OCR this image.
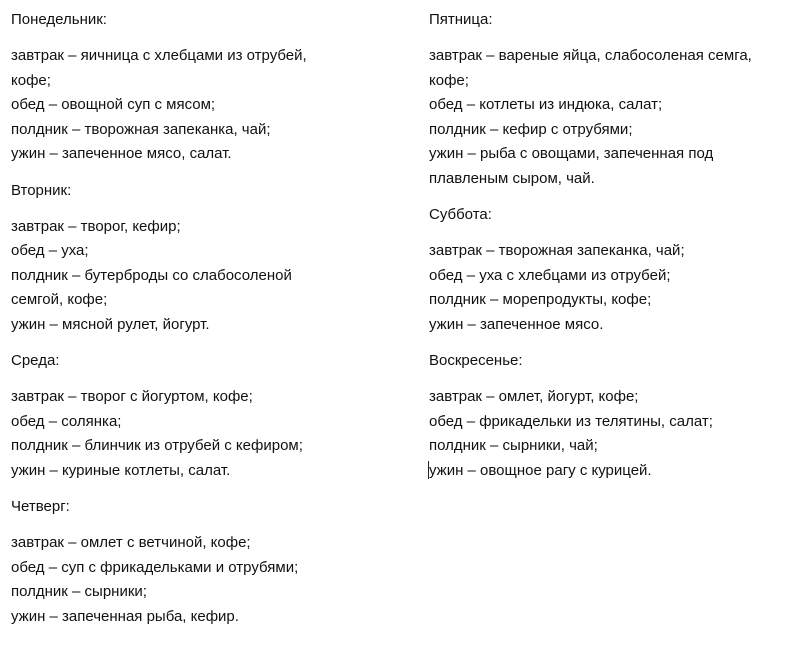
Понедельник:
завтрак – яичница с хлебцами из отрубей,
кофе;
обед – овощной суп с мясом;
полдник – творожная запеканка, чай;
ужин – запеченное мясо, салат.
Вторник:
завтрак – творог, кефир;
обед – уха;
полдник – бутерброды со слабосоленой
семгой, кофе;
ужин – мясной рулет, йогурт.
Среда:
завтрак – творог с йогуртом, кофе;
обед – солянка;
полдник – блинчик из отрубей с кефиром;
ужин – куриные котлеты, салат.
Четверг:
завтрак – омлет с ветчиной, кофе;
обед – суп с фрикадельками и отрубями;
полдник – сырники;
ужин – запеченная рыба, кефир.
Пятница:
завтрак – вареные яйца, слабосоленая семга,
кофе;
обед – котлеты из индюка, салат;
полдник – кефир с отрубями;
ужин – рыба с овощами, запеченная под
плавленым сыром, чай.
Суббота:
завтрак – творожная запеканка, чай;
обед – уха с хлебцами из отрубей;
полдник – морепродукты, кофе;
ужин – запеченное мясо.
Воскресенье:
завтрак – омлет, йогурт, кофе;
обед – фрикадельки из телятины, салат;
полдник – сырники, чай;
ужин – овощное рагу с курицей.
